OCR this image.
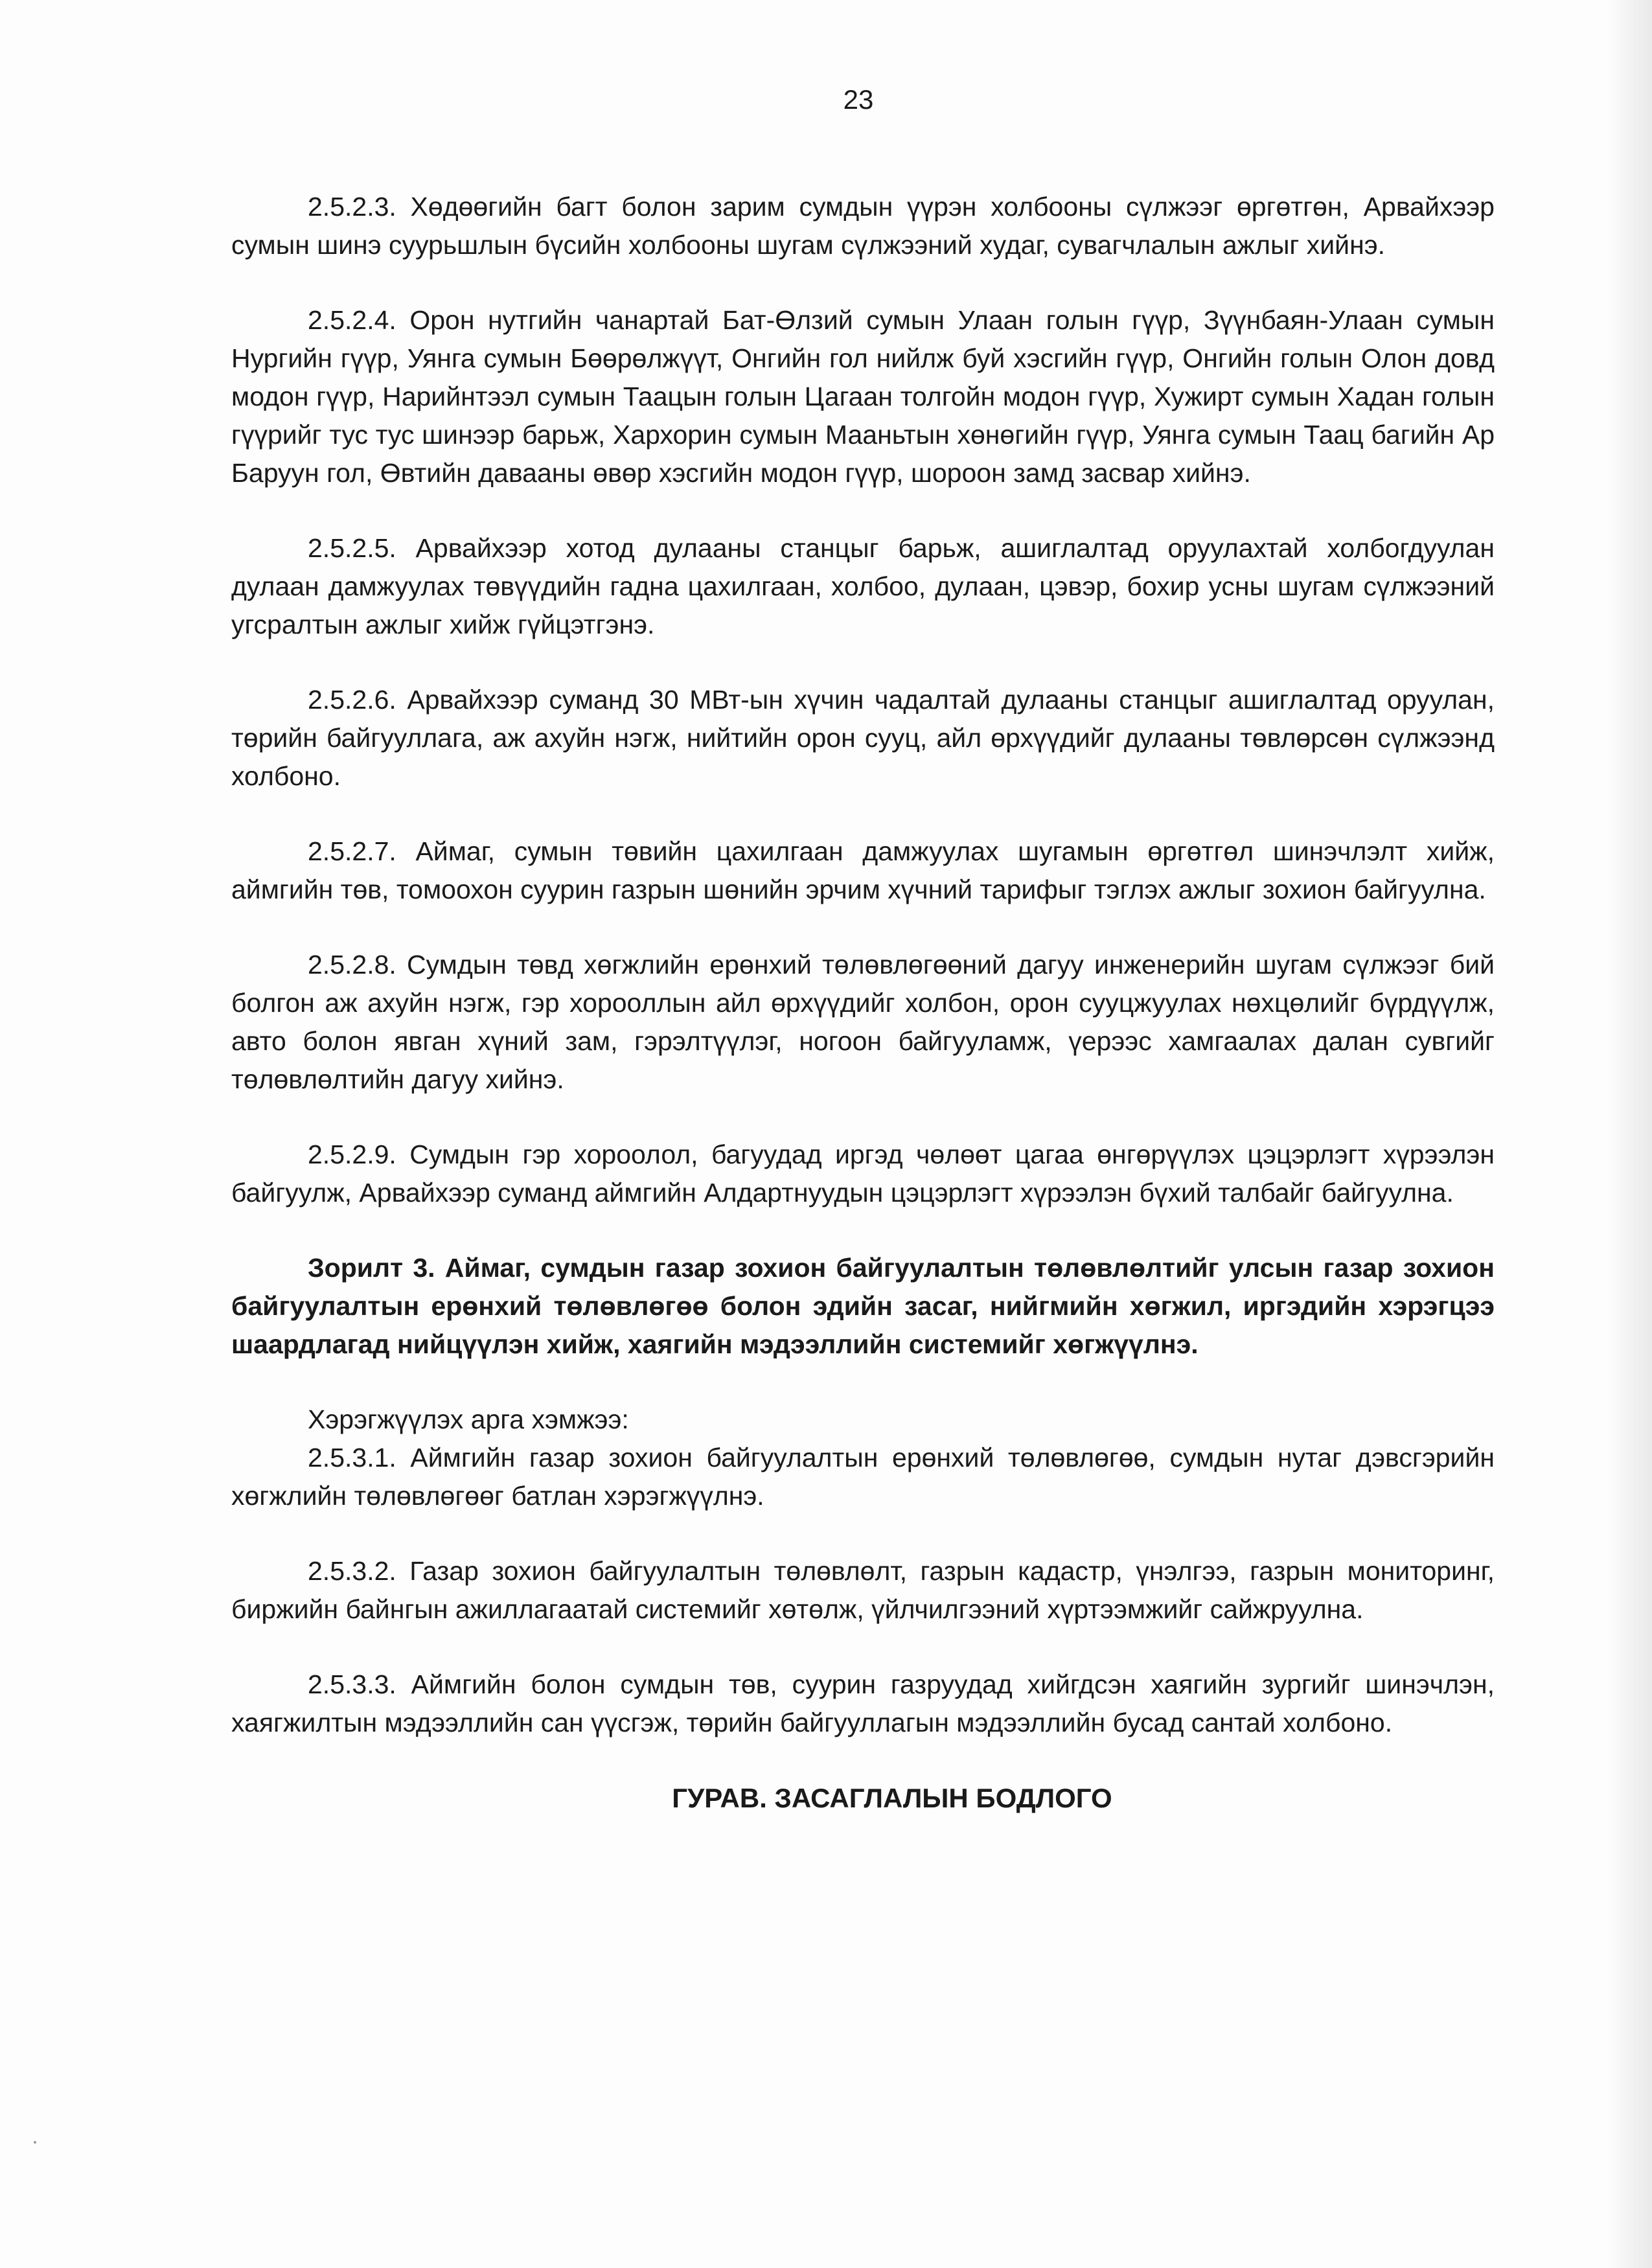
23

2.5.2.3. Хөдөөгийн багт болон зарим сумдын үүрэн холбооны сүлжээг өргөтгөн, Арвайхээр сумын шинэ суурьшлын бүсийн холбооны шугам сүлжээний худаг, сувагчлалын ажлыг хийнэ.

2.5.2.4. Орон нутгийн чанартай Бат-Өлзий сумын Улаан голын гүүр, Зүүнбаян-Улаан сумын Нургийн гүүр, Уянга сумын Бөөрөлжүүт, Онгийн гол нийлж буй хэсгийн гүүр, Онгийн голын Олон довд модон гүүр, Нарийнтээл сумын Таацын голын Цагаан толгойн модон гүүр, Хужирт сумын Хадан голын гүүрийг тус тус шинээр барьж, Хархорин сумын Мааньтын хөнөгийн гүүр, Уянга сумын Таац багийн Ар Баруун гол, Өвтийн давааны өвөр хэсгийн модон гүүр, шороон замд засвар хийнэ.

2.5.2.5. Арвайхээр хотод дулааны станцыг барьж, ашиглалтад оруулахтай холбогдуулан дулаан дамжуулах төвүүдийн гадна цахилгаан, холбоо, дулаан, цэвэр, бохир усны шугам сүлжээний угсралтын ажлыг хийж гүйцэтгэнэ.

2.5.2.6. Арвайхээр суманд 30 МВт-ын хүчин чадалтай дулааны станцыг ашиглалтад оруулан, төрийн байгууллага, аж ахуйн нэгж, нийтийн орон сууц, айл өрхүүдийг дулааны төвлөрсөн сүлжээнд холбоно.

2.5.2.7. Аймаг, сумын төвийн цахилгаан дамжуулах шугамын өргөтгөл шинэчлэлт хийж, аймгийн төв, томоохон суурин газрын шөнийн эрчим хүчний тарифыг тэглэх ажлыг зохион байгуулна.

2.5.2.8. Сумдын төвд хөгжлийн ерөнхий төлөвлөгөөний дагуу инженерийн шугам сүлжээг бий болгон аж ахуйн нэгж, гэр хорооллын айл өрхүүдийг холбон, орон сууцжуулах нөхцөлийг бүрдүүлж, авто болон явган хүний зам, гэрэлтүүлэг, ногоон байгууламж, үерээс хамгаалах далан сувгийг төлөвлөлтийн дагуу хийнэ.

2.5.2.9. Сумдын гэр хороолол, багуудад иргэд чөлөөт цагаа өнгөрүүлэх цэцэрлэгт хүрээлэн байгуулж, Арвайхээр суманд аймгийн Алдартнуудын цэцэрлэгт хүрээлэн бүхий талбайг байгуулна.

Зорилт 3. Аймаг, сумдын газар зохион байгуулалтын төлөвлөлтийг улсын газар зохион байгуулалтын ерөнхий төлөвлөгөө болон эдийн засаг, нийгмийн хөгжил, иргэдийн хэрэгцээ шаардлагад нийцүүлэн хийж, хаягийн мэдээллийн системийг хөгжүүлнэ.

Хэрэгжүүлэх арга хэмжээ:

2.5.3.1. Аймгийн газар зохион байгуулалтын ерөнхий төлөвлөгөө, сумдын нутаг дэвсгэрийн хөгжлийн төлөвлөгөөг батлан хэрэгжүүлнэ.

2.5.3.2. Газар зохион байгуулалтын төлөвлөлт, газрын кадастр, үнэлгээ, газрын мониторинг, биржийн байнгын ажиллагаатай системийг хөтөлж, үйлчилгээний хүртээмжийг сайжруулна.

2.5.3.3. Аймгийн болон сумдын төв, суурин газруудад хийгдсэн хаягийн зургийг шинэчлэн, хаягжилтын мэдээллийн сан үүсгэж, төрийн байгууллагын мэдээллийн бусад сантай холбоно.

ГУРАВ. ЗАСАГЛАЛЫН БОДЛОГО
